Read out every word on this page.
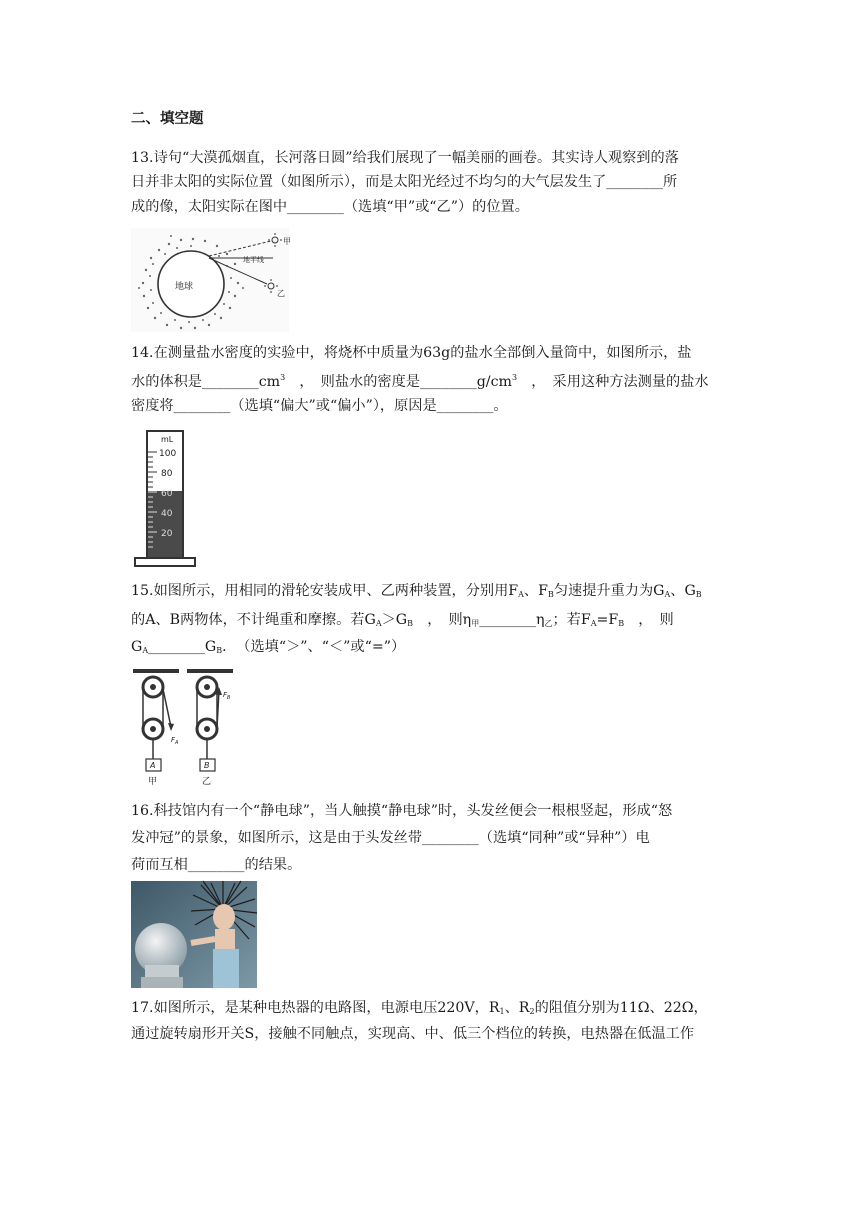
二、填空题
13.诗句“大漠孤烟直，长河落日圆”给我们展现了一幅美丽的画卷。其实诗人观察到的落
日并非太阳的实际位置（如图所示），而是太阳光经过不均匀的大气层发生了________所
成的像，太阳实际在图中________（选填“甲”或“乙”）的位置。
地球
甲
地平线
乙
14.在测量盐水密度的实验中，将烧杯中质量为63g的盐水全部倒入量筒中，如图所示，盐
水的体积是$\_\_\_\_\_\_\_\_cm^3$　，　则盐水的密度是$\_\_\_\_\_\_\_\_g/cm^3$　，　采用这种方法测量的盐水
密度将________（选填“偏大”或“偏小”），原因是________。
mL
100
80
60
40
20
15.如图所示，用相同的滑轮安装成甲、乙两种装置，分别用$F_A$、$F_B$匀速提升重力为$G_A$、$G_B$
的A、B两物体，不计绳重和摩擦。若$G_A>G_B$　，　则$\eta_甲\_\_\_\_\_\_\_\_\eta_乙$；若$F_A=F_B$　，　则
$G_A\_\_\_\_\_\_\_\_G_B$．　（选填“＞”、“＜”或“=”）
$F_A$
A
甲
$F_B$
B
乙
16.科技馆内有一个“静电球”，当人触摸“静电球”时，头发丝便会一根根竖起，形成“怒
发冲冠”的景象，如图所示，这是由于头发丝带________（选填“同种”或“异种”）电
荷而互相________的结果。
17.如图所示，是某种电热器的电路图，电源电压220V，$R_1$、$R_2$的阻值分别为11Ω、22Ω，
通过旋转扇形开关S，接触不同触点，实现高、中、低三个档位的转换，电热器在低温工作
